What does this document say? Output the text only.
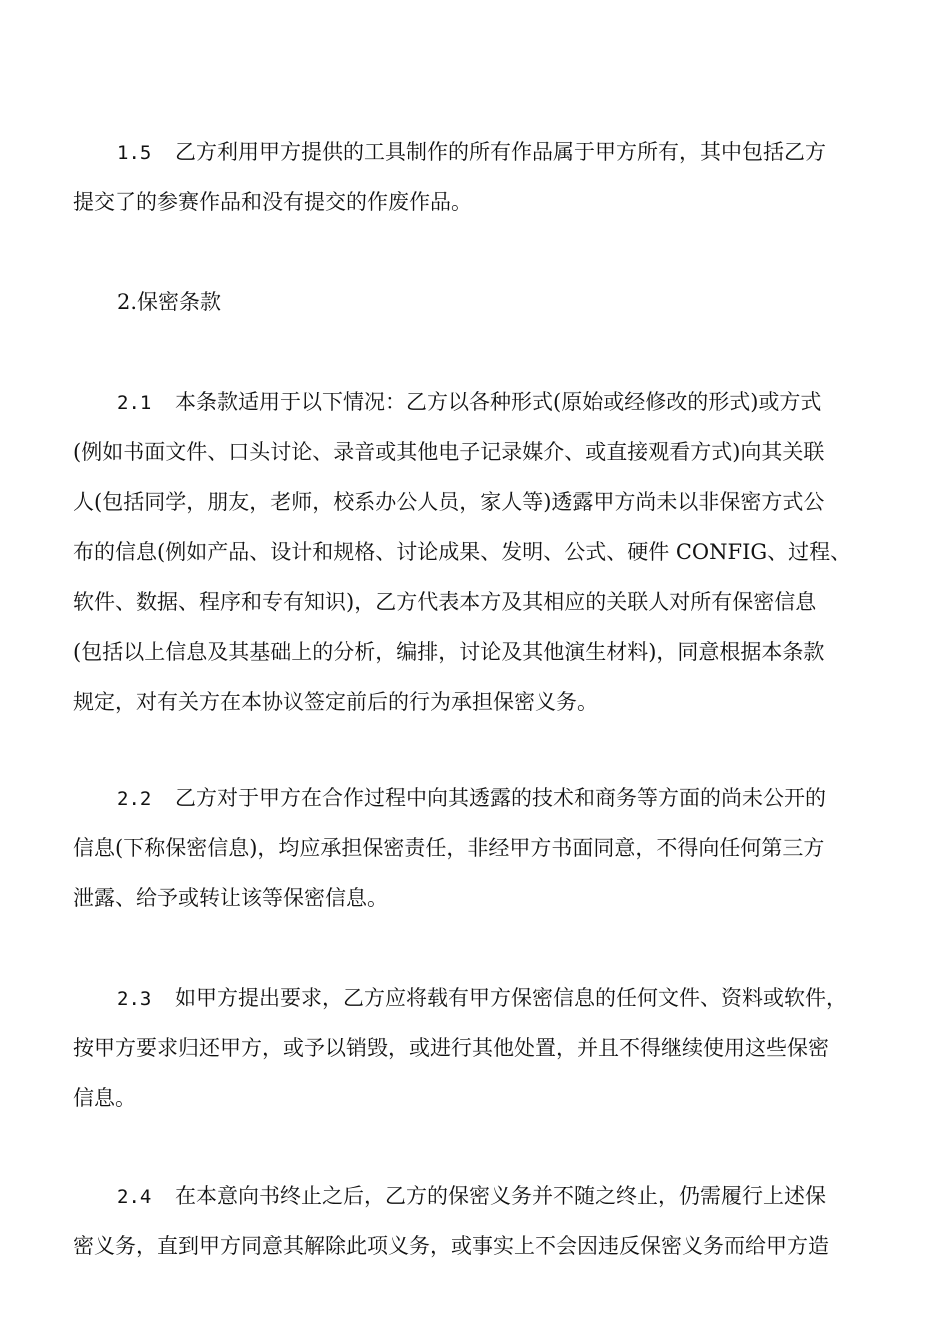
1.5 乙方利用甲方提供的工具制作的所有作品属于甲方所有，其中包括乙方
提交了的参赛作品和没有提交的作废作品。
2.保密条款
2.1 本条款适用于以下情况：乙方以各种形式(原始或经修改的形式)或方式
(例如书面文件、口头讨论、录音或其他电子记录媒介、或直接观看方式)向其关联
人(包括同学，朋友，老师，校系办公人员，家人等)透露甲方尚未以非保密方式公
布的信息(例如产品、设计和规格、讨论成果、发明、公式、硬件 CONFIG、过程、
软件、数据、程序和专有知识)，乙方代表本方及其相应的关联人对所有保密信息
(包括以上信息及其基础上的分析，编排，讨论及其他演生材料)，同意根据本条款
规定，对有关方在本协议签定前后的行为承担保密义务。
2.2 乙方对于甲方在合作过程中向其透露的技术和商务等方面的尚未公开的
信息(下称保密信息)，均应承担保密责任，非经甲方书面同意，不得向任何第三方
泄露、给予或转让该等保密信息。
2.3 如甲方提出要求，乙方应将载有甲方保密信息的任何文件、资料或软件，
按甲方要求归还甲方，或予以销毁，或进行其他处置，并且不得继续使用这些保密
信息。
2.4 在本意向书终止之后，乙方的保密义务并不随之终止，仍需履行上述保
密义务，直到甲方同意其解除此项义务，或事实上不会因违反保密义务而给甲方造
